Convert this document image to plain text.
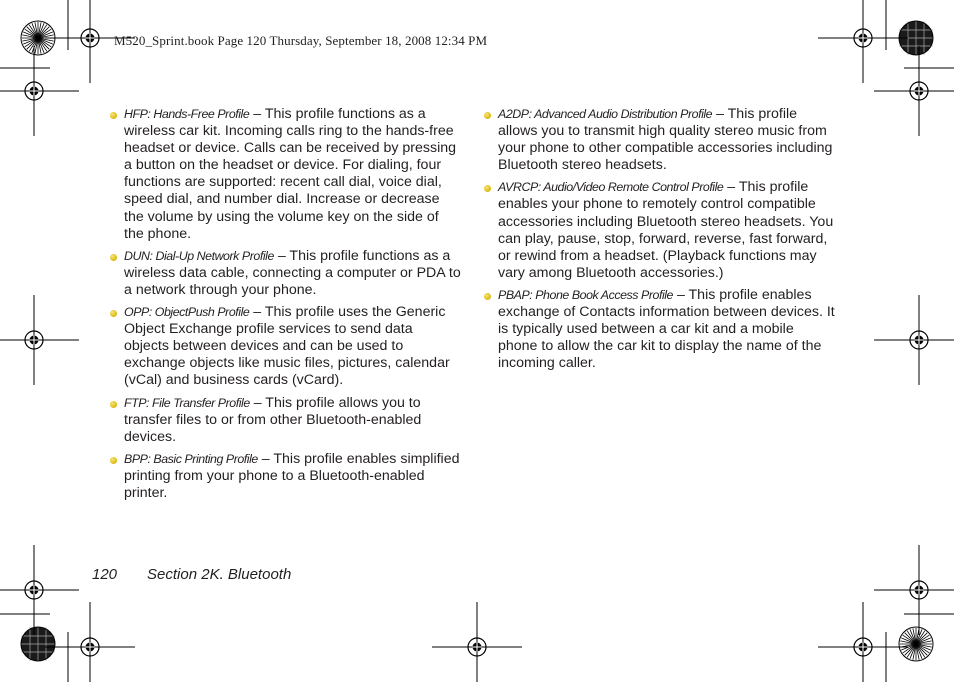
M520_Sprint.book Page 120 Thursday, September 18, 2008 12:34 PM
HFP: Hands-Free Profile – This profile functions as a wireless car kit. Incoming calls ring to the hands-free headset or device. Calls can be received by pressing a button on the headset or device. For dialing, four functions are supported: recent call dial, voice dial, speed dial, and number dial. Increase or decrease the volume by using the volume key on the side of the phone.
DUN: Dial-Up Network Profile – This profile functions as a wireless data cable, connecting a computer or PDA to a network through your phone.
OPP: ObjectPush Profile – This profile uses the Generic Object Exchange profile services to send data objects between devices and can be used to exchange objects like music files, pictures, calendar (vCal) and business cards (vCard).
FTP: File Transfer Profile – This profile allows you to transfer files to or from other Bluetooth-enabled devices.
BPP: Basic Printing Profile – This profile enables simplified printing from your phone to a Bluetooth-enabled printer.
A2DP: Advanced Audio Distribution Profile – This profile allows you to transmit high quality stereo music from your phone to other compatible accessories including Bluetooth stereo headsets.
AVRCP: Audio/Video Remote Control Profile – This profile enables your phone to remotely control compatible accessories including Bluetooth stereo headsets. You can play, pause, stop, forward, reverse, fast forward, or rewind from a headset. (Playback functions may vary among Bluetooth accessories.)
PBAP: Phone Book Access Profile – This profile enables exchange of Contacts information between devices. It is typically used between a car kit and a mobile phone to allow the car kit to display the name of the incoming caller.
120 Section 2K. Bluetooth
